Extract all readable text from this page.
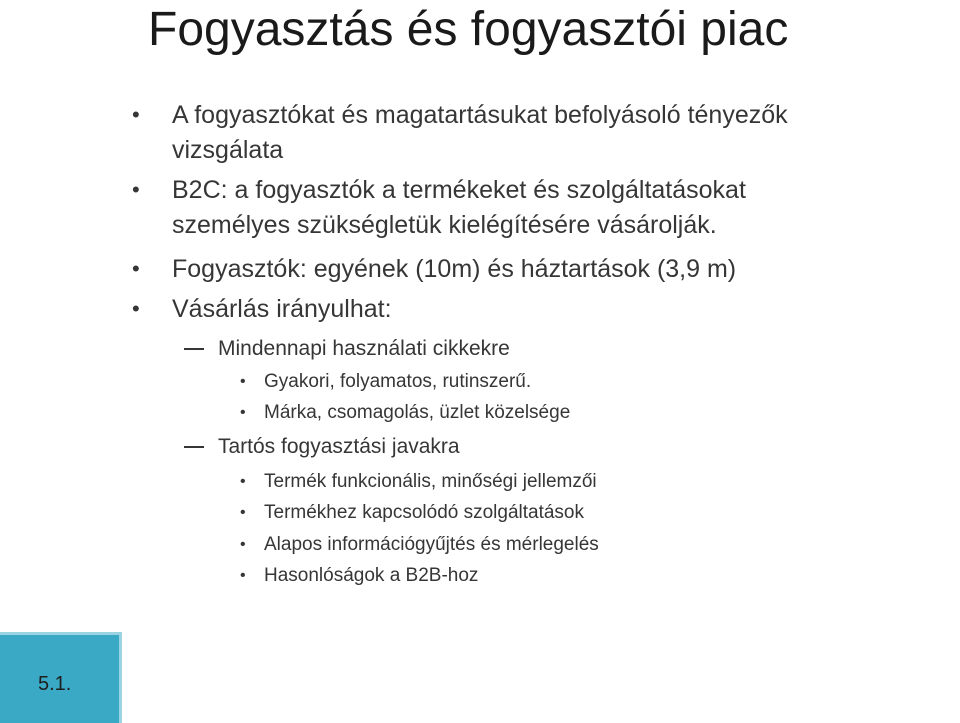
Fogyasztás és fogyasztói piac
• A fogyasztókat és magatartásukat befolyásoló tényezők
vizsgálata
• B2C: a fogyasztók a termékeket és szolgáltatásokat
személyes szükségletük kielégítésére vásárolják.
• Fogyasztók: egyének (10m) és háztartások (3,9 m)
• Vásárlás irányulhat:
Mindennapi használati cikkekre
• Gyakori, folyamatos, rutinszerű.
• Márka, csomagolás, üzlet közelsége
Tartós fogyasztási javakra
• Termék funkcionális, minőségi jellemzői
• Termékhez kapcsolódó szolgáltatások
• Alapos információgyűjtés és mérlegelés
• Hasonlóságok a B2B-hoz
5.1.
